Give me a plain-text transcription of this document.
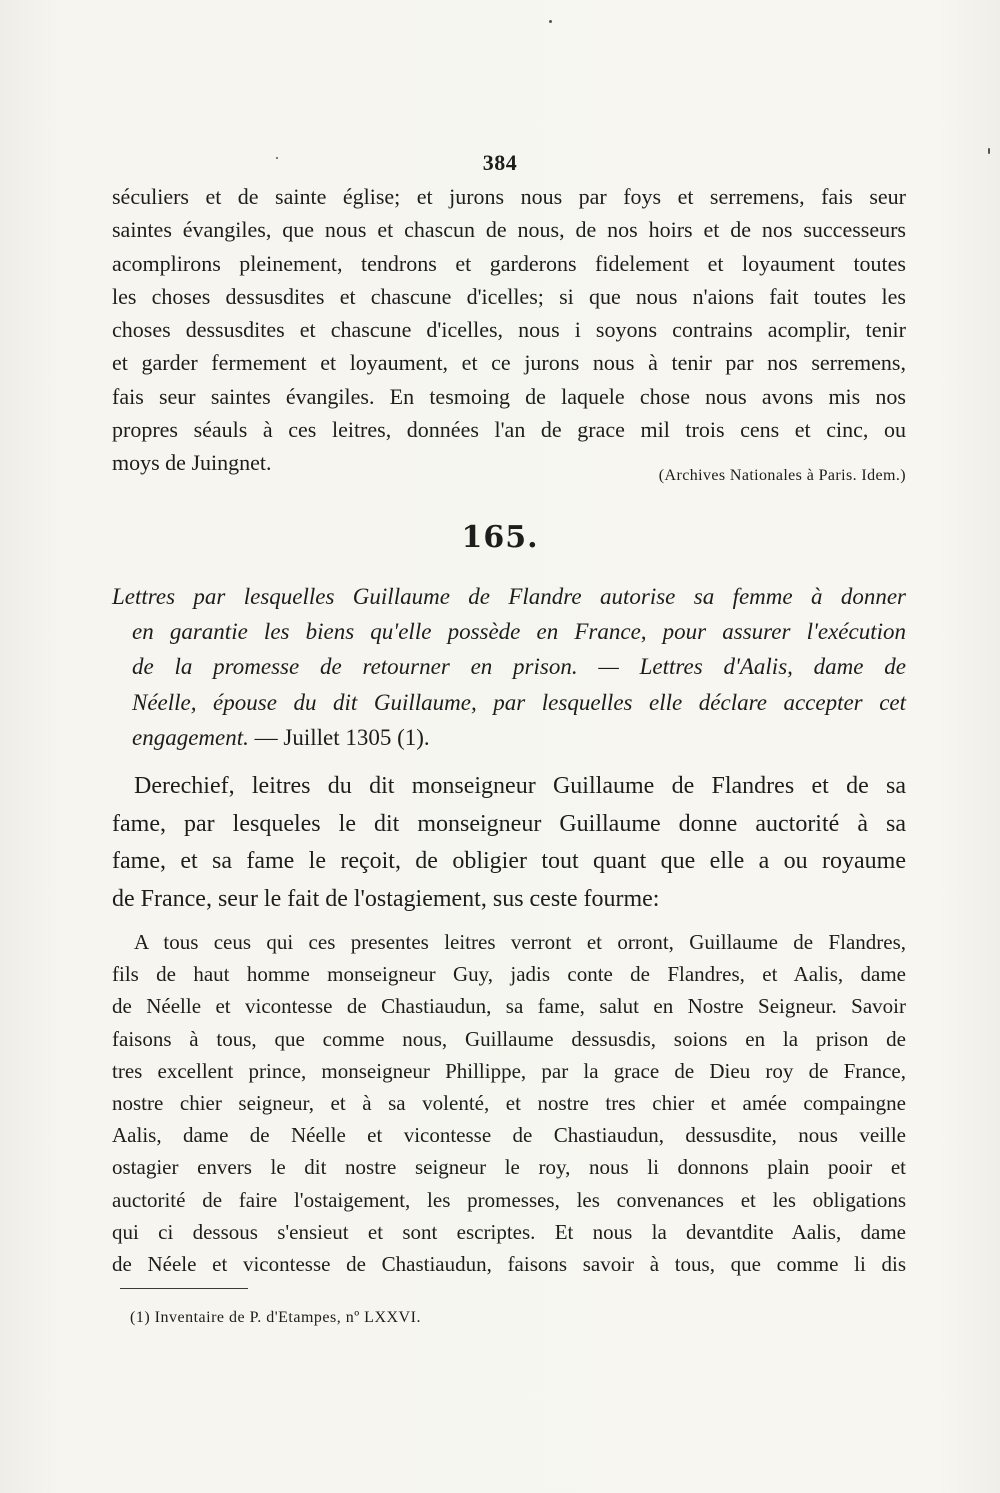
384
séculiers et de sainte église; et jurons nous par foys et serremens, fais seur
saintes évangiles, que nous et chascun de nous, de nos hoirs et de nos successeurs
acomplirons pleinement, tendrons et garderons fidelement et loyaument toutes
les choses dessusdites et chascune d'icelles; si que nous n'aions fait toutes les
choses dessusdites et chascune d'icelles, nous i soyons contrains acomplir, tenir
et garder fermement et loyaument, et ce jurons nous à tenir par nos serremens,
fais seur saintes évangiles. En tesmoing de laquele chose nous avons mis nos
propres séauls à ces leitres, données l'an de grace mil trois cens et cinc, ou
moys de Juingnet.
(Archives Nationales à Paris. Idem.)
165.
Lettres par lesquelles Guillaume de Flandre autorise sa femme à donner
en garantie les biens qu'elle possède en France, pour assurer l'exécution
de la promesse de retourner en prison. — Lettres d'Aalis, dame de
Néelle, épouse du dit Guillaume, par lesquelles elle déclare accepter cet
engagement. — Juillet 1305 (1).
Derechief, leitres du dit monseigneur Guillaume de Flandres et de sa
fame, par lesqueles le dit monseigneur Guillaume donne auctorité à sa
fame, et sa fame le reçoit, de obligier tout quant que elle a ou royaume
de France, seur le fait de l'ostagiement, sus ceste fourme:
A tous ceus qui ces presentes leitres verront et orront, Guillaume de Flandres,
fils de haut homme monseigneur Guy, jadis conte de Flandres, et Aalis, dame
de Néelle et vicontesse de Chastiaudun, sa fame, salut en Nostre Seigneur. Savoir
faisons à tous, que comme nous, Guillaume dessusdis, soions en la prison de
tres excellent prince, monseigneur Phillippe, par la grace de Dieu roy de France,
nostre chier seigneur, et à sa volenté, et nostre tres chier et amée compaingne
Aalis, dame de Néelle et vicontesse de Chastiaudun, dessusdite, nous veille
ostagier envers le dit nostre seigneur le roy, nous li donnons plain pooir et
auctorité de faire l'ostaigement, les promesses, les convenances et les obligations
qui ci dessous s'ensieut et sont escriptes. Et nous la devantdite Aalis, dame
de Néele et vicontesse de Chastiaudun, faisons savoir à tous, que comme li dis
(1) Inventaire de P. d'Etampes, nº LXXVI.
